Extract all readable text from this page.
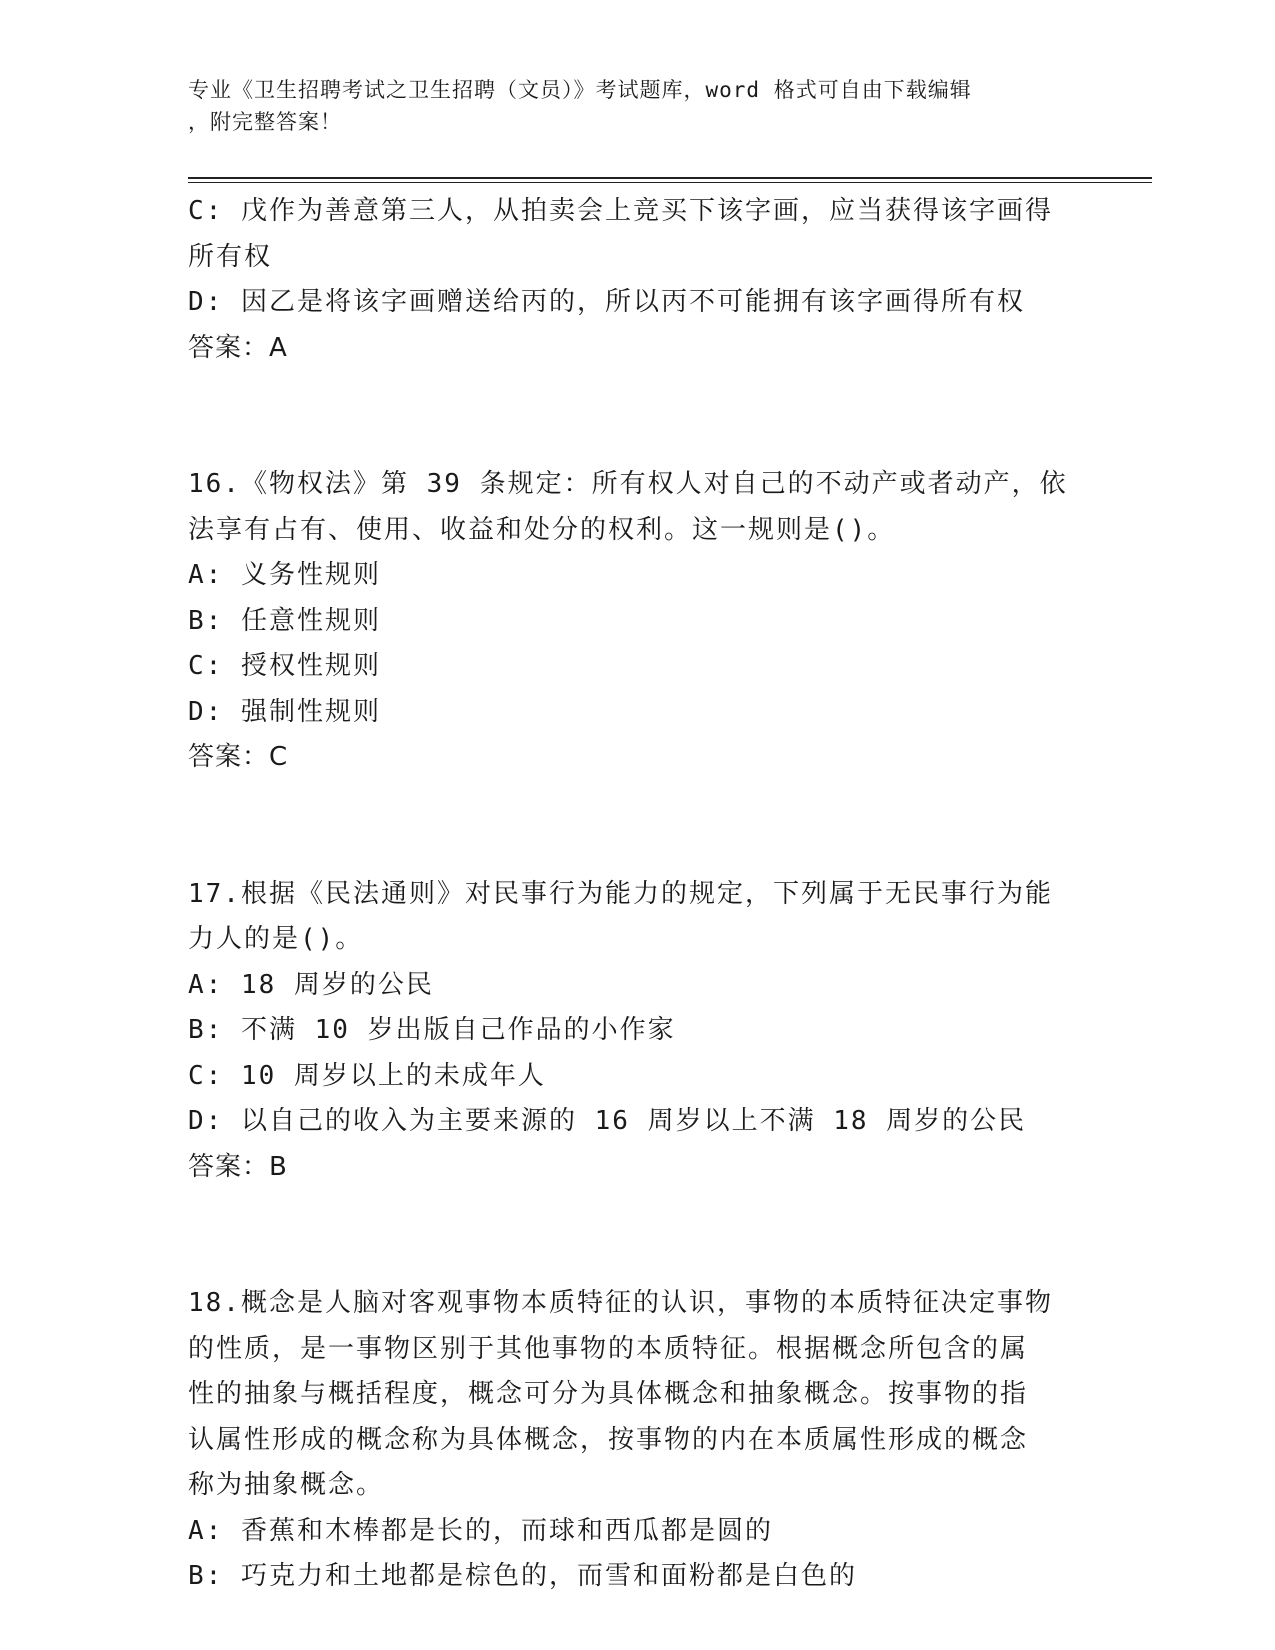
专业《卫生招聘考试之卫生招聘（文员）》考试题库，word 格式可自由下载编辑
，附完整答案！
C: 戊作为善意第三人，从拍卖会上竞买下该字画，应当获得该字画得
所有权
D: 因乙是将该字画赠送给丙的，所以丙不可能拥有该字画得所有权
答案：A
16.《物权法》第 39 条规定：所有权人对自己的不动产或者动产，依
法享有占有、使用、收益和处分的权利。这一规则是()。
A: 义务性规则
B: 任意性规则
C: 授权性规则
D: 强制性规则
答案：C
17.根据《民法通则》对民事行为能力的规定，下列属于无民事行为能
力人的是()。
A: 18 周岁的公民
B: 不满 10 岁出版自己作品的小作家
C: 10 周岁以上的未成年人
D: 以自己的收入为主要来源的 16 周岁以上不满 18 周岁的公民
答案：B
18.概念是人脑对客观事物本质特征的认识，事物的本质特征决定事物
的性质，是一事物区别于其他事物的本质特征。根据概念所包含的属
性的抽象与概括程度，概念可分为具体概念和抽象概念。按事物的指
认属性形成的概念称为具体概念，按事物的内在本质属性形成的概念
称为抽象概念。
A: 香蕉和木棒都是长的，而球和西瓜都是圆的
B: 巧克力和土地都是棕色的，而雪和面粉都是白色的
